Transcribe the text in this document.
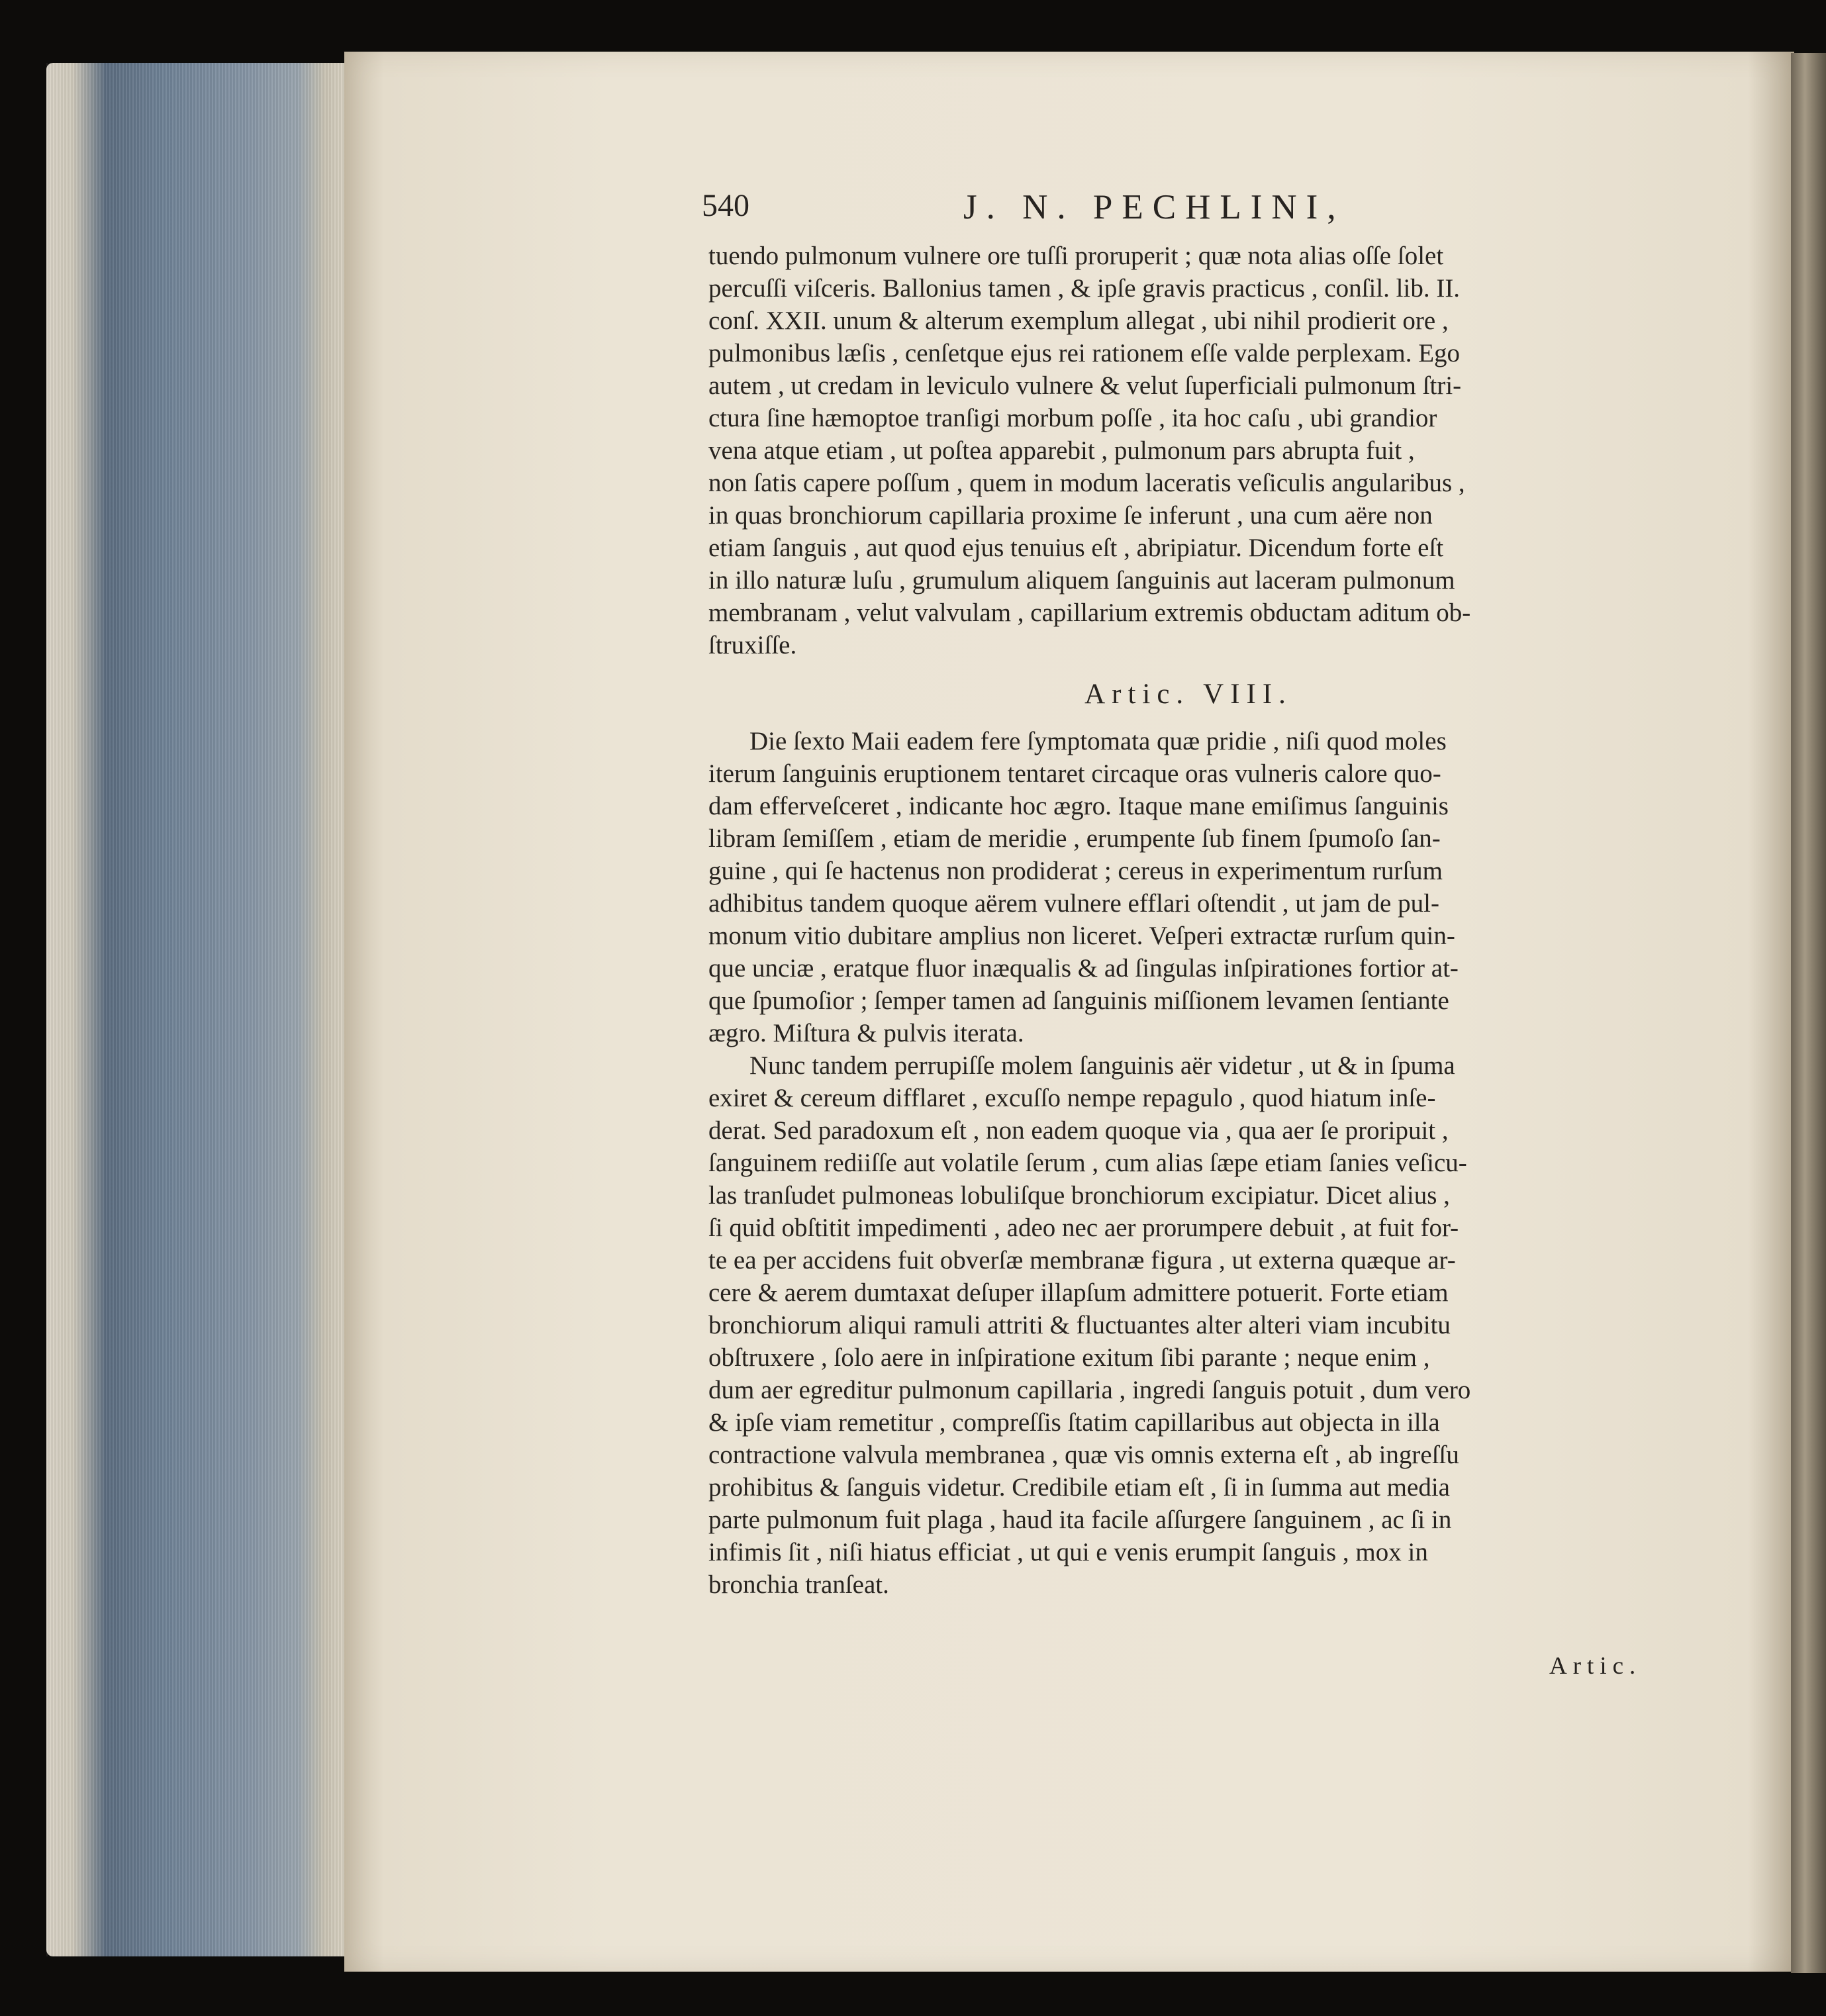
540	J. N. PECHLINI,
tuendo pulmonum vulnere ore tuſſi proruperit ; quæ nota alias oſſe ſolet
percuſſi viſceris. Ballonius tamen , & ipſe gravis practicus , conſil. lib. II.
conſ. XXII. unum & alterum exemplum allegat , ubi nihil prodierit ore ,
pulmonibus læſis , cenſetque ejus rei rationem eſſe valde perplexam. Ego
autem , ut credam in leviculo vulnere & velut ſuperficiali pulmonum ſtri-
ctura ſine hæmoptoe tranſigi morbum poſſe , ita hoc caſu , ubi grandior
vena atque etiam , ut poſtea apparebit , pulmonum pars abrupta fuit ,
non ſatis capere poſſum , quem in modum laceratis veſiculis angularibus ,
in quas bronchiorum capillaria proxime ſe inferunt , una cum aëre non
etiam ſanguis , aut quod ejus tenuius eſt , abripiatur. Dicendum forte eſt
in illo naturæ luſu , grumulum aliquem ſanguinis aut laceram pulmonum
membranam , velut valvulam , capillarium extremis obductam aditum ob-
ſtruxiſſe.
Artic. VIII.
Die ſexto Maii eadem fere ſymptomata quæ pridie , niſi quod moles
iterum ſanguinis eruptionem tentaret circaque oras vulneris calore quo-
dam efferveſceret , indicante hoc ægro. Itaque mane emiſimus ſanguinis
libram ſemiſſem , etiam de meridie , erumpente ſub finem ſpumoſo ſan-
guine , qui ſe hactenus non prodiderat ; cereus in experimentum rurſum
adhibitus tandem quoque aërem vulnere efflari oſtendit , ut jam de pul-
monum vitio dubitare amplius non liceret. Veſperi extractæ rurſum quin-
que unciæ , eratque fluor inæqualis & ad ſingulas inſpirationes fortior at-
que ſpumoſior ; ſemper tamen ad ſanguinis miſſionem levamen ſentiante
ægro. Miſtura & pulvis iterata.
Nunc tandem perrupiſſe molem ſanguinis aër videtur , ut & in ſpuma
exiret & cereum difflaret , excuſſo nempe repagulo , quod hiatum inſe-
derat. Sed paradoxum eſt , non eadem quoque via , qua aer ſe proripuit ,
ſanguinem rediiſſe aut volatile ſerum , cum alias ſæpe etiam ſanies veſicu-
las tranſudet pulmoneas lobuliſque bronchiorum excipiatur. Dicet alius ,
ſi quid obſtitit impedimenti , adeo nec aer prorumpere debuit , at fuit for-
te ea per accidens fuit obverſæ membranæ figura , ut externa quæque ar-
cere & aerem dumtaxat deſuper illapſum admittere potuerit. Forte etiam
bronchiorum aliqui ramuli attriti & fluctuantes alter alteri viam incubitu
obſtruxere , ſolo aere in inſpiratione exitum ſibi parante ; neque enim ,
dum aer egreditur pulmonum capillaria , ingredi ſanguis potuit , dum vero
& ipſe viam remetitur , compreſſis ſtatim capillaribus aut objecta in illa
contractione valvula membranea , quæ vis omnis externa eſt , ab ingreſſu
prohibitus & ſanguis videtur. Credibile etiam eſt , ſi in ſumma aut media
parte pulmonum fuit plaga , haud ita facile aſſurgere ſanguinem , ac ſi in
infimis ſit , niſi hiatus efficiat , ut qui e venis erumpit ſanguis , mox in
bronchia tranſeat.
Artic.
